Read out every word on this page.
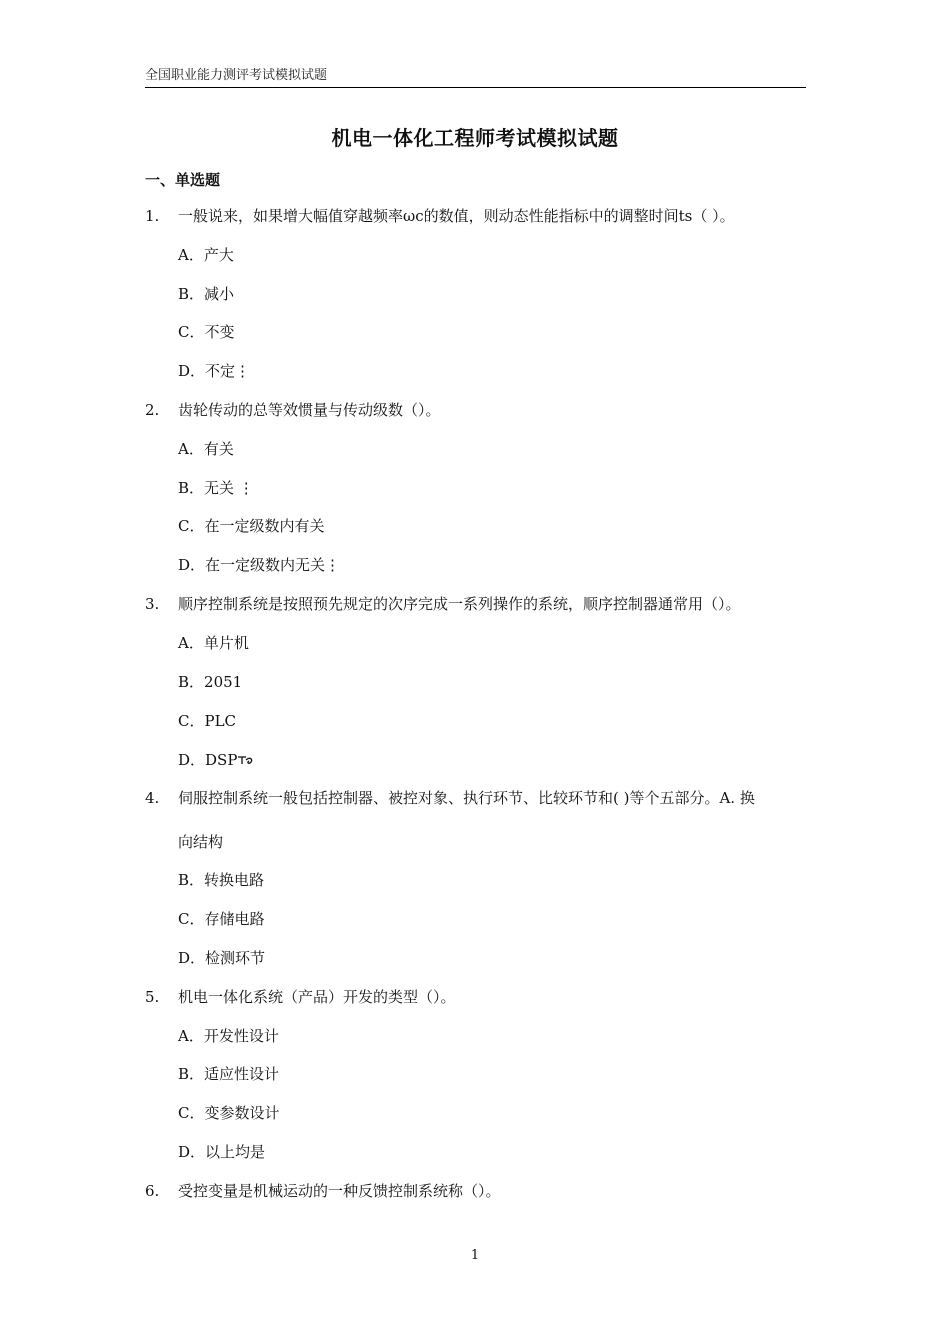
全国职业能力测评考试模拟试题
机电一体化工程师考试模拟试题
一、单选题
1. 一般说来，如果增大幅值穿越频率ωc的数值，则动态性能指标中的调整时间ts（ ）。
A．产大
B．减小
C．不变
D．不定⋮
2. 齿轮传动的总等效惯量与传动级数（）。
A．有关
B．无关 ⋮
C．在一定级数内有关
D．在一定级数内无关⋮
3. 顺序控制系统是按照预先规定的次序完成一系列操作的系统，顺序控制器通常用（）。
A．单片机
B．2051
C．PLC
D．DSP
4. 伺服控制系统一般包括控制器、被控对象、执行环节、比较环节和( )等个五部分。A. 换
向结构
B．转换电路
C．存储电路
D．检测环节
5. 机电一体化系统（产品）开发的类型（）。
A．开发性设计
B．适应性设计
C．变参数设计
D．以上均是
6. 受控变量是机械运动的一种反馈控制系统称（）。
1
